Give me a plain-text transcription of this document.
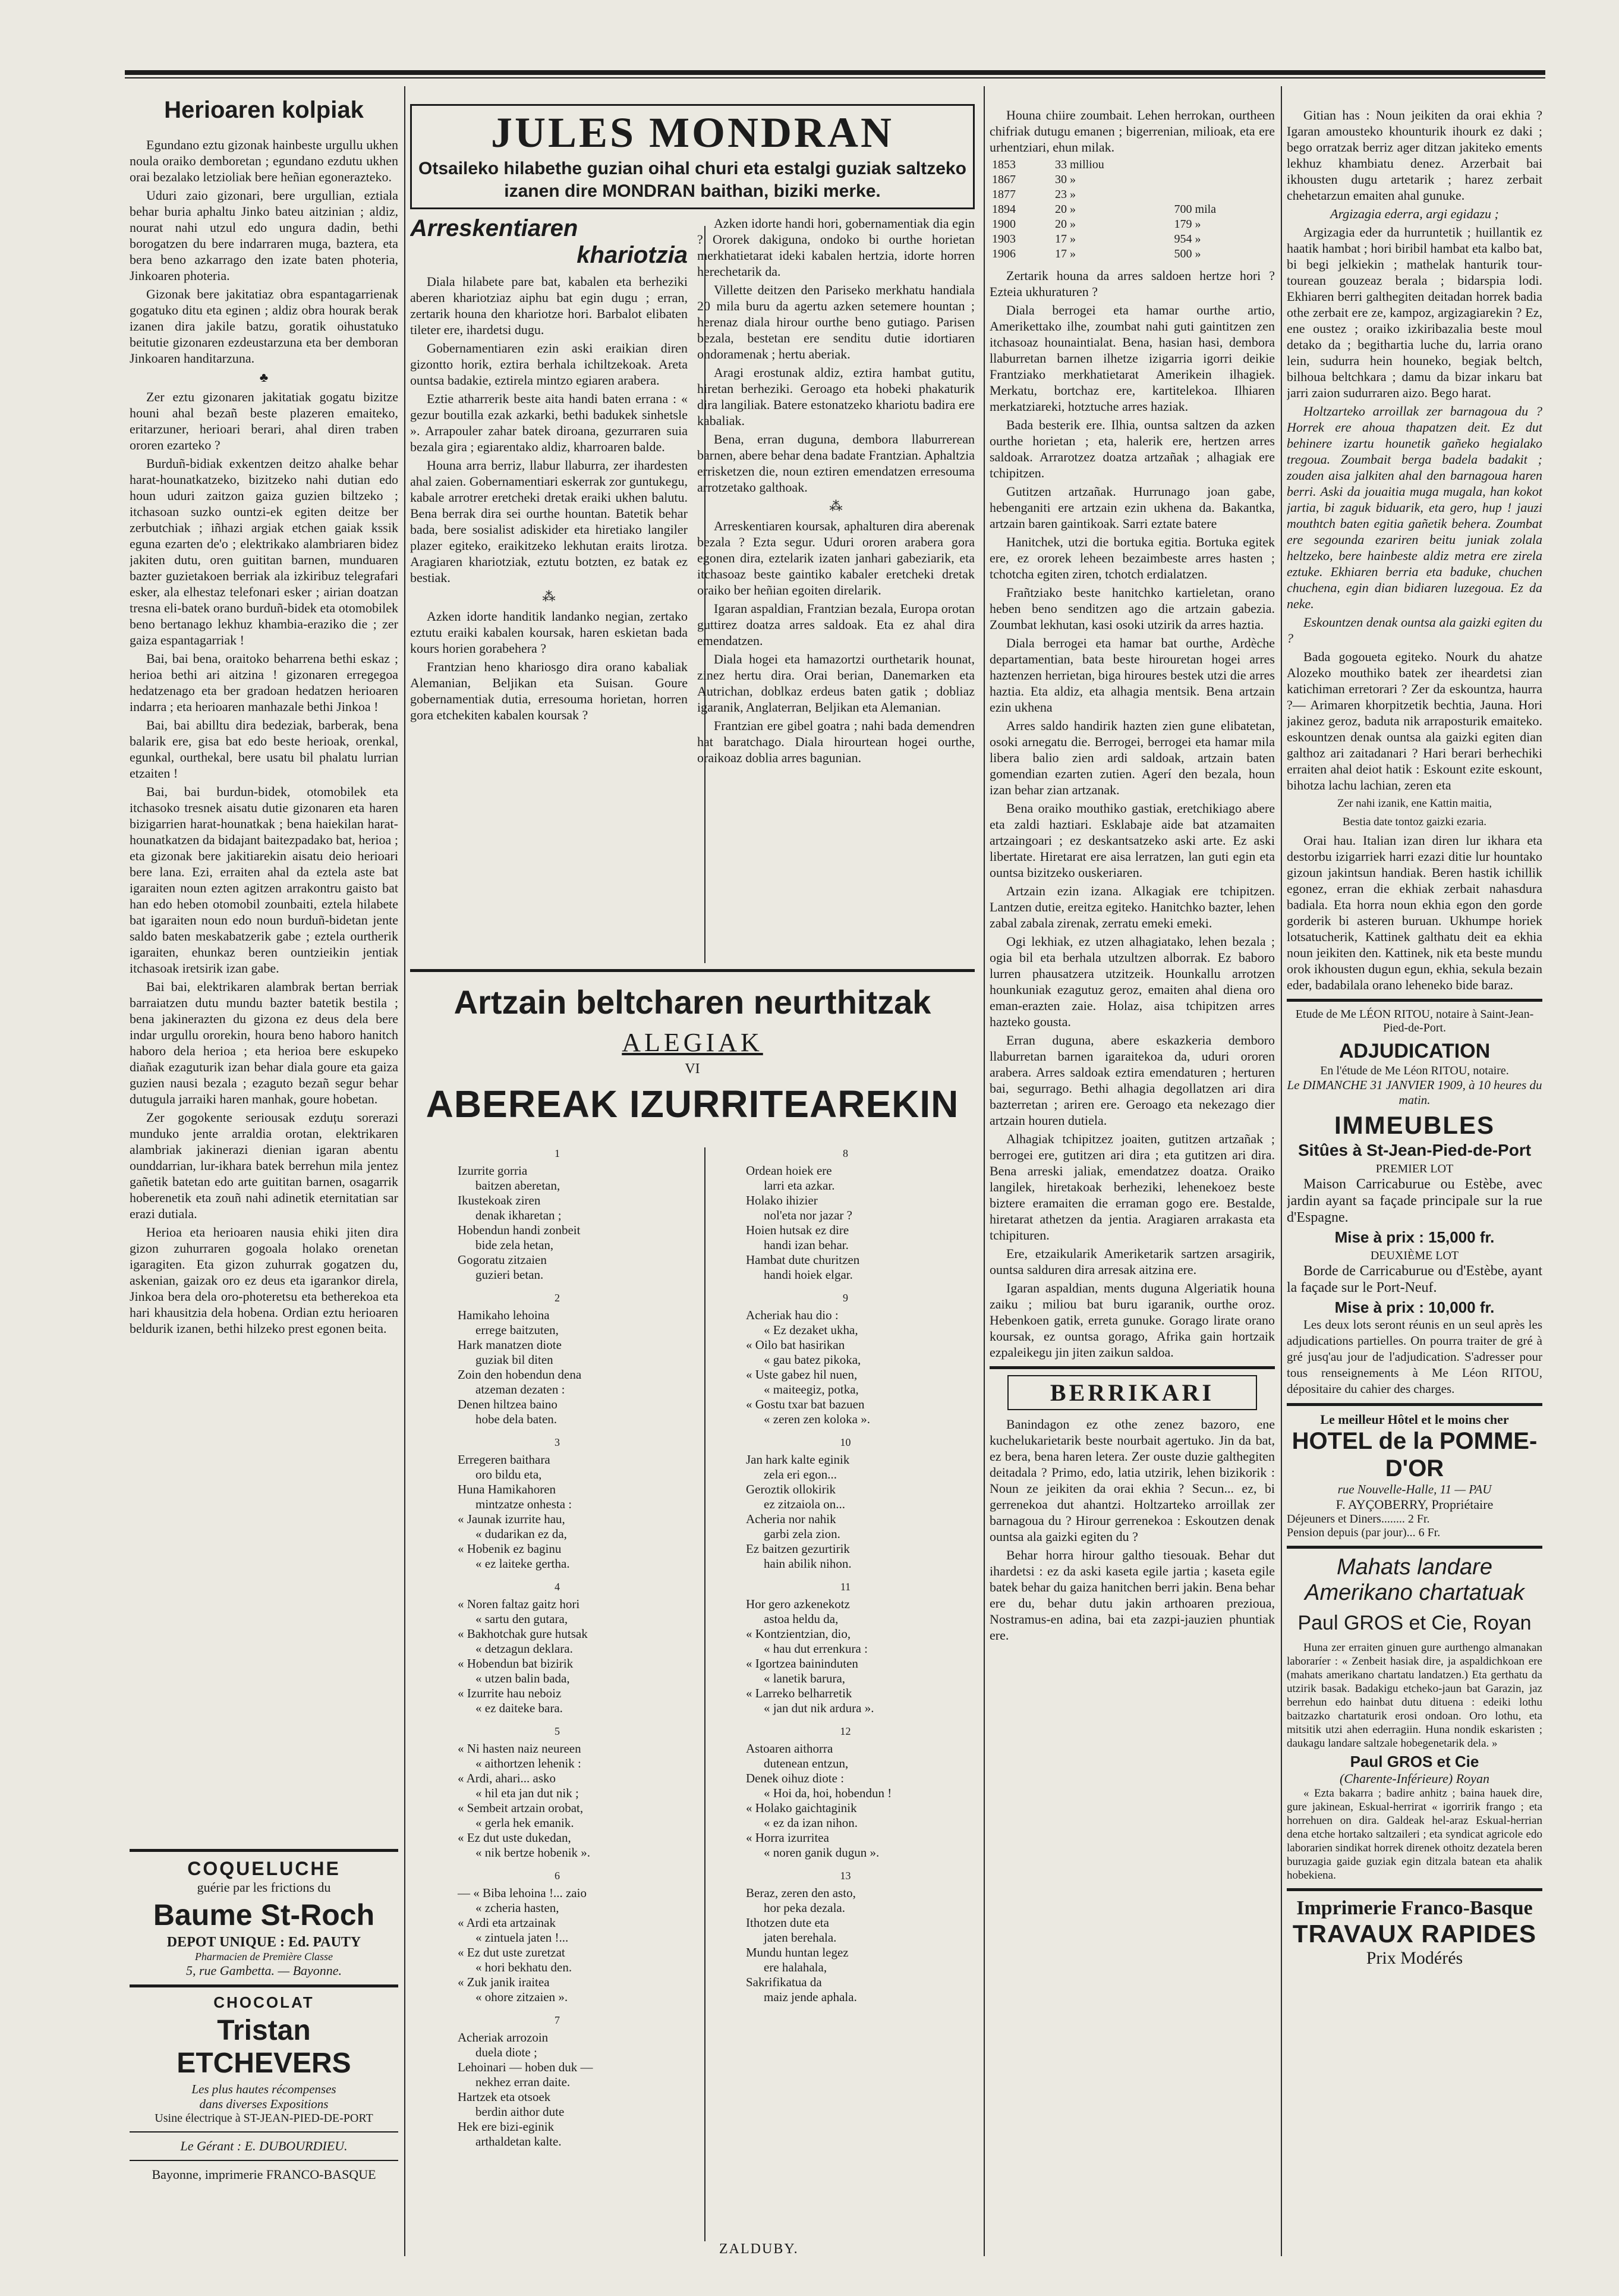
Herioaren kolpiak

Egundano eztu gizonak hainbeste urgullu ukhen noula oraiko demboretan ; egundano ezdutu ukhen orai bezalako letzioliak bere heñian egonerazteko.

Uduri zaio gizonari, bere urgullian, eztiala behar buria aphaltu Jinko bateu aitzinian ; aldiz, nourat nahi utzul edo ungura dadin, bethi borogatzen du bere indarraren muga, baztera, eta bera beno azkarrago den izate baten photeria, Jinkoaren photeria.

Gizonak bere jakitatiaz obra espantagarrienak gogatuko ditu eta eginen ; aldiz obra hourak berak izanen dira jakile batzu, goratik oihustatuko beitutie gizonaren ezdeustarzuna eta ber demboran Jinkoaren handitarzuna.

♣

Zer eztu gizonaren jakitatiak gogatu bizitze houni ahal bezañ beste plazeren emaiteko, eritarzuner, herioari berari, ahal diren traben ororen ezarteko ?

Burduñ-bidiak exkentzen deitzo ahalke behar harat-hounatkatzeko, bizitzeko nahi dutian edo houn uduri zaitzon gaiza guzien biltzeko ; itchasoan suzko ountzi-ek egiten deitze ber zerbutchiak ; iñhazi argiak etchen gaiak kssik eguna ezarten de'o ; elektrikako alambriaren bidez jakiten dutu, oren guititan barnen, munduaren bazter guzietakoen berriak ala izkiribuz telegrafari esker, ala elhestaz telefonari esker ; airian doatzan tresna eli-batek orano burduñ-bidek eta otomobilek beno bertanago lekhuz khambia-eraziko die ; zer gaiza espantagarriak !

Bai, bai bena, oraitoko beharrena bethi eskaz ; herioa bethi ari aitzina ! gizonaren erregegoa hedatzenago eta ber gradoan hedatzen herioaren indarra ; eta herioaren manhazale bethi Jinkoa !

Bai, bai abilltu dira bedeziak, barberak, bena balarik ere, gisa bat edo beste herioak, orenkal, egunkal, ourthekal, bere usatu bil phalatu lurrian etzaiten !

Bai, bai burdun-bidek, otomobilek eta itchasoko tresnek aisatu dutie gizonaren eta haren bizigarrien harat-hounatkak ; bena haiekilan harat-hounatkatzen da bidajant baitezpadako bat, herioa ; eta gizonak bere jakitiarekin aisatu deio herioari bere lana. Ezi, erraiten ahal da eztela aste bat igaraiten noun ezten agitzen arrakontru gaisto bat han edo heben otomobil zounbaiti, eztela hilabete bat igaraiten noun edo noun burduñ-bidetan jente saldo baten meskabatzerik gabe ; eztela ourtherik igaraiten, ehunkaz beren ountzieikin jentiak itchasoak iretsirik izan gabe.

Bai bai, elektrikaren alambrak bertan berriak barraiatzen dutu mundu bazter batetik bestila ; bena jakinerazten du gizona ez deus dela bere indar urgullu ororekin, houra beno haboro hanitch haboro dela herioa ; eta herioa bere eskupeko diañak ezaguturik izan behar diala goure eta gaiza guzien nausi bezala ; ezaguto bezañ segur behar dutugula jarraiki haren manhak, goure hobetan.

Zer gogokente seriousak ezduțu sorerazi munduko jente arraldia orotan, elektrikaren alambriak jakinerazi dienian igaran abentu ounddarrian, lur-ikhara batek berrehun mila jentez gañetik batetan edo arte guititan barnen, osagarrik hoberenetik eta zouñ nahi adinetik eternitatian sar erazi dutiala.

Herioa eta herioaren nausia ehiki jiten dira gizon zuhurraren gogoala holako orenetan igaragiten. Eta gizon zuhurrak gogatzen du, askenian, gaizak oro ez deus eta igarankor direla, Jinkoa bera dela oro-photeretsu eta betherekoa eta hari khausitzia dela hobena. Ordian eztu herioaren beldurik izanen, bethi hilzeko prest egonen beita.

COQUELUCHE
guérie par les frictions du
Baume St-Roch
DEPOT UNIQUE : Ed. PAUTY
Pharmacien de Première Classe
5, rue Gambetta. — Bayonne.
CHOCOLAT
Tristan ETCHEVERS
Les plus hautes récompenses
dans diverses Expositions
Usine électrique à ST-JEAN-PIED-DE-PORT
Le Gérant : E. DUBOURDIEU.
Bayonne, imprimerie FRANCO-BASQUE
JULES MONDRAN
Otsaileko hilabethe guzian oihal churi eta estalgi guziak saltzeko izanen dire MONDRAN baithan, biziki merke.
Arreskentiaren
khariotzia

Diala hilabete pare bat, kabalen eta berheziki aberen khariotziaz aiphu bat egin dugu ; erran, zertarik houna den khariotze hori. Barbalot elibaten tileter ere, ihardetsi dugu.

Gobernamentiaren ezin aski eraikian diren gizontto horik, eztira berhala ichiltzekoak. Areta ountsa badakie, eztirela mintzo egiaren arabera.

Eztie atharrerik beste aita handi baten errana : « gezur boutilla ezak azkarki, bethi badukek sinhetsle ». Arrapouler zahar batek diroana, gezurraren suia bezala gira ; egiarentako aldiz, kharroaren balde.

Houna arra berriz, llabur llaburra, zer ihardesten ahal zaien. Gobernamentiari eskerrak zor guntukegu, kabale arrotrer eretcheki dretak eraiki ukhen balutu. Bena berrak dira sei ourthe hountan. Batetik behar bada, bere sosialist adiskider eta hiretiako langiler plazer egiteko, eraikitzeko lekhutan eraits lirotza. Aragiaren khariotziak, eztutu botzten, ez batak ez bestiak.

⁂

Azken idorte handitik landanko negian, zertako eztutu eraiki kabalen koursak, haren eskietan bada kours horien gorabehera ?

Frantzian heno khariosgo dira orano kabaliak Alemanian, Beljikan eta Suisan. Goure gobernamentiak dutia, erresouma horietan, horren gora etchekiten kabalen koursak ?

Azken idorte handi hori, gobernamentiak dia egin ? Ororek dakiguna, ondoko bi ourthe horietan merkhatietarat ideki kabalen hertzia, idorte horren herechetarik da.

Villette deitzen den Pariseko merkhatu handiala 20 mila buru da agertu azken setemere hountan ; herenaz diala hirour ourthe beno gutiago. Parisen bezala, bestetan ere senditu dutie idortiaren ondoramenak ; hertu aberiak.

Aragi erostunak aldiz, eztira hambat gutitu, hiretan berheziki. Geroago eta hobeki phakaturik dira langiliak. Batere estonatzeko khariotu badira ere kabaliak.

Bena, erran duguna, dembora llaburrerean barnen, abere behar dena badate Frantzian. Aphaltzia errisketzen die, noun eztiren emendatzen erresouma arrotzetako galthoak.

⁂

Arreskentiaren koursak, aphalturen dira aberenak bezala ? Ezta segur. Uduri ororen arabera gora egonen dira, eztelarik izaten janhari gabeziarik, eta itchasoaz beste gaintiko kabaler eretcheki dretak oraiko ber heñian egoiten direlarik.

Igaran aspaldian, Frantzian bezala, Europa orotan guttirez doatza arres saldoak. Eta ez ahal dira emendatzen.

Diala hogei eta hamazortzi ourthetarik hounat, zinez hertu dira. Orai berian, Danemarken eta Autrichan, doblkaz erdeus baten gatik ; dobliaz igaranik, Anglaterran, Beljikan eta Alemanian.

Frantzian ere gibel goatra ; nahi bada demendren hat baratchago. Diala hirourtean hogei ourthe, oraikoaz doblia arres bagunian.

Artzain beltcharen neurthitzak
ALEGIAK
VI
ABEREAK IZURRITEAREKIN
1
Izurrite gorria
baitzen aberetan,
Ikustekoak ziren
denak ikharetan ;
Hobendun handi zonbeit
bide zela hetan,
Gogoratu zitzaien
guzieri betan.
2
Hamikaho lehoina
errege baitzuten,
Hark manatzen diote
guziak bil diten
Zoin den hobendun dena
atzeman dezaten :
Denen hiltzea baino
hobe dela baten.
3
Erregeren baithara
oro bildu eta,
Huna Hamikahoren
mintzatze onhesta :
« Jaunak izurrite hau,
« dudarikan ez da,
« Hobenik ez baginu
« ez laiteke gertha.
4
« Noren faltaz gaitz hori
« sartu den gutara,
« Bakhotchak gure hutsak
« detzagun deklara.
« Hobendun bat bizirik
« utzen balin bada,
« Izurrite hau neboiz
« ez daiteke bara.
5
« Ni hasten naiz neureen
« aithortzen lehenik :
« Ardi, ahari... asko
« hil eta jan dut nik ;
« Sembeit artzain orobat,
« gerla hek emanik.
« Ez dut uste dukedan,
« nik bertze hobenik ».
6
— « Biba lehoina !... zaio
« zcheria hasten,
« Ardi eta artzainak
« zintuela jaten !...
« Ez dut uste zuretzat
« hori bekhatu den.
« Zuk janik iraitea
« ohore zitzaien ».
7
Acheriak arrozoin
duela diote ;
Lehoinari — hoben duk —
nekhez erran daite.
Hartzek eta otsoek
berdin aithor dute
Hek ere bizi-eginik
arthaldetan kalte.
8
Ordean hoiek ere
larri eta azkar.
Holako ihizier
nol'eta nor jazar ?
Hoien hutsak ez dire
handi izan behar.
Hambat dute churitzen
handi hoiek elgar.
9
Acheriak hau dio :
« Ez dezaket ukha,
« Oilo bat hasirikan
« gau batez pikoka,
« Uste gabez hil nuen,
« maiteegiz, potka,
« Gostu txar bat bazuen
« zeren zen koloka ».
10
Jan hark kalte eginik
zela eri egon...
Geroztik ollokirik
ez zitzaiola on...
Acheria nor nahik
garbi zela zion.
Ez baitzen gezurtirik
hain abilik nihon.
11
Hor gero azkenekotz
astoa heldu da,
« Kontzientzian, dio,
« hau dut errenkura :
« Igortzea baininduten
« lanetik barura,
« Larreko belharretik
« jan dut nik ardura ».
12
Astoaren aithorra
dutenean entzun,
Denek oihuz diote :
« Hoi da, hoi, hobendun !
« Holako gaichtaginik
« ez da izan nihon.
« Horra izurritea
« noren ganik dugun ».
13
Beraz, zeren den asto,
hor peka dezala.
Ithotzen dute eta
jaten berehala.
Mundu huntan legez
ere halahala,
Sakrifikatua da
maiz jende aphala.
ZALDUBY.

Houna chiire zoumbait. Lehen herrokan, ourtheen chifriak dutugu emanen ; bigerrenian, milioak, eta ere urhentziari, ehun milak.

1853	33 milliou	
1867	30 »	
1877	23 »	
1894	20 »	700 mila
1900	20 »	179 »
1903	17 »	954 »
1906	17 »	500 »

Zertarik houna da arres saldoen hertze hori ? Ezteia ukhuraturen ?

Diala berrogei eta hamar ourthe artio, Amerikettako ilhe, zoumbat nahi guti gaintitzen zen itchasoaz hounaintialat. Bena, hasian hasi, dembora llaburretan barnen ilhetze izigarria igorri deikie Frantziako merkhatietarat Amerikein ilhagiek. Merkatu, bortchaz ere, kartitelekoa. Ilhiaren merkatziareki, hotztuche arres haziak.

Bada besterik ere. Ilhia, ountsa saltzen da azken ourthe horietan ; eta, halerik ere, hertzen arres saldoak. Arrarotzez doatza artzañak ; alhagiak ere tchipitzen.

Gutitzen artzañak. Hurrunago joan gabe, hebenganiti ere artzain ezin ukhena da. Bakantka, artzain baren gaintikoak. Sarri eztate batere

Hanitchek, utzi die bortuka egitia. Bortuka egitek ere, ez ororek leheen bezaimbeste arres hasten ; tchotcha egiten ziren, tchotch erdialatzen.

Frañtziako beste hanitchko kartieletan, orano heben beno senditzen ago die artzain gabezia. Zoumbat lekhutan, kasi osoki utzirik da arres haztia.

Diala berrogei eta hamar bat ourthe, Ardèche departamentian, bata beste hirouretan hogei arres haztenzen herrietan, biga hiroures bestek utzi die arres haztia. Eta aldiz, eta alhagia mentsik. Bena artzain ezin ukhena

Arres saldo handirik hazten zien gune elibatetan, osoki arnegatu die. Berrogei, berrogei eta hamar mila libera balio zien ardi saldoak, artzain baten gomendian ezarten zutien. Agerí den bezala, houn izan behar zian artzanak.

Bena oraiko mouthiko gastiak, eretchikiago abere eta zaldi haztiari. Esklabaje aide bat atzamaiten artzaingoari ; ez deskantsatzeko aski arte. Ez aski libertate. Hiretarat ere aisa lerratzen, lan guti egin eta ountsa bizitzeko ouskeriaren.

Artzain ezin izana. Alkagiak ere tchipitzen. Lantzen dutie, ereitza egiteko. Hanitchko bazter, lehen zabal zabala zirenak, zerratu emeki emeki.

Ogi lekhiak, ez utzen alhagiatako, lehen bezala ; ogia bil eta berhala utzultzen alborrak. Ez baboro lurren phausatzera utzitzeik. Hounkallu arrotzen hounkuniak ezagutuz geroz, emaiten ahal diena oro eman-erazten zaie. Holaz, aisa tchipitzen arres hazteko gousta.

Erran duguna, abere eskazkeria demboro llaburretan barnen igaraitekoa da, uduri ororen arabera. Arres saldoak eztira emendaturen ; herturen bai, segurrago. Bethi alhagia degollatzen ari dira bazterretan ; ariren ere. Geroago eta nekezago dier artzain houren dutiela.

Alhagiak tchipitzez joaiten, gutitzen artzañak ; berrogei ere, gutitzen ari dira ; eta gutitzen ari dira. Bena arreski jaliak, emendatzez doatza. Oraiko langilek, hiretakoak berheziki, lehenekoez beste biztere eramaiten die erraman gogo ere. Bestalde, hiretarat athetzen da jentia. Aragiaren arrakasta eta tchipituren.

Ere, etzaikularik Ameriketarik sartzen arsagirik, ountsa salduren dira arresak aitzina ere.

Igaran aspaldian, ments duguna Algeriatik houna zaiku ; miliou bat buru igaranik, ourthe oroz. Hebenkoen gatik, erreta gunuke. Gorago lirate orano koursak, ez ountsa gorago, Afrika gain hortzaik ezpaleikegu jin jiten zaikun saldoa.

BERRIKARI

Banindagon ez othe zenez bazoro, ene kuchelukarietarik beste nourbait agertuko. Jin da bat, ez bera, bena haren letera. Zer ouste duzie galthegiten deitadala ? Primo, edo, latia utzirik, lehen bizikorik : Noun ze jeikiten da orai ekhia ? Secun... ez, bi gerrenekoa dut ahantzi. Holtzarteko arroillak zer barnagoua du ? Hirour gerrenekoa : Eskoutzen denak ountsa ala gaizki egiten du ?

Behar horra hirour galtho tiesouak. Behar dut ihardetsi : ez da aski kaseta egile jartia ; kaseta egile batek behar du gaiza hanitchen berri jakin. Bena behar ere du, behar dutu jakin arthoaren prezioua, Nostramus-en adina, bai eta zazpi-jauzien phuntiak ere.

Gitian has : Noun jeikiten da orai ekhia ? Igaran amousteko khounturik ihourk ez daki ; bego orratzak berriz ager ditzan jakiteko ements lekhuz khambiatu denez. Arzerbait bai ikhousten dugu artetarik ; harez zerbait chehetarzun emaiten ahal gunuke.

Argizagia ederra, argi egidazu ;

Argizagia eder da hurruntetik ; huillantik ez haatik hambat ; hori biribil hambat eta kalbo bat, bi begi jelkiekin ; mathelak hanturik tour-tourean gouzeaz berala ; bidarspia lodi. Ekhiaren berri galthegiten deitadan horrek badia othe zerbait ere ze, kampoz, argizagiarekin ? Ez, ene oustez ; oraiko izkiribazalia beste moul detako da ; begithartia luche du, larria orano lein, sudurra hein houneko, begiak beltch, bilhoua beltchkara ; damu da bizar inkaru bat jarri zaion sudurraren aizo. Bego harat.

Holtzarteko arroillak zer barnagoua du ? Horrek ere ahoua thapatzen deit. Ez dut behinere izartu hounetik gañeko hegialako tregoua. Zoumbait berga badela badakit ; zouden aisa jalkiten ahal den barnagoua haren berri. Aski da jouaitia muga mugala, han kokot jartia, bi zaguk biduarik, eta gero, hup ! jauzi mouthtch baten egitia gañetik behera. Zoumbat ere segounda ezariren beitu juniak zolala heltzeko, bere hainbeste aldiz metra ere zirela eztuke. Ekhiaren berria eta baduke, chuchen chuchena, egin dian bidiaren luzegoua. Ez da neke.

Eskountzen denak ountsa ala gaizki egiten du ?

Bada gogoueta egiteko. Nourk du ahatze Alozeko mouthiko batek zer iheardetsi zian katichiman erretorari ? Zer da eskountza, haurra ?— Arimaren khorpitzetik bechtia, Jauna. Hori jakinez geroz, baduta nik arraposturik emaiteko. eskountzen denak ountsa ala gaizki egiten dian galthoz ari zaitadanari ? Hari berari berhechiki erraiten ahal deiot hatik : Eskount ezite eskount, bihotza lachu lachian, zeren eta

Zer nahi izanik, ene Kattin maitia,

Bestia date tontoz gaizki ezaria.

Orai hau. Italian izan diren lur ikhara eta destorbu izigarriek harri ezazi ditie lur hountako gizoun jakintsun handiak. Beren hastik ichillik egonez, erran die ekhiak zerbait nahasdura badiala. Eta horra noun ekhia egon den gorde gorderik bi asteren buruan. Ukhumpe horiek lotsatucherik, Kattinek galthatu deit ea ekhia noun jeikiten den. Kattinek, nik eta beste mundu orok ikhousten dugun egun, ekhia, sekula bezain eder, badabilala orano leheneko bide baraz.

Etude de Me LÉON RITOU, notaire à Saint-Jean-Pied-de-Port.
ADJUDICATION
En l'étude de Me Léon RITOU, notaire.
Le DIMANCHE 31 JANVIER 1909, à 10 heures du matin.
IMMEUBLES
Sitûes à St-Jean-Pied-de-Port
PREMIER LOT

Maison Carricaburue ou Estèbe, avec jardin ayant sa façade principale sur la rue d'Espagne.

Mise à prix : 15,000 fr.
DEUXIÈME LOT

Borde de Carricaburue ou d'Estèbe, ayant la façade sur le Port-Neuf.

Mise à prix : 10,000 fr.

Les deux lots seront réunis en un seul après les adjudications partielles. On pourra traiter de gré à gré jusq'au jour de l'adjudication. S'adresser pour tous renseignements à Me Léon RITOU, dépositaire du cahier des charges.

Le meilleur Hôtel et le moins cher
HOTEL de la POMME-D'OR
rue Nouvelle-Halle, 11 — PAU
F. AYÇOBERRY, Propriétaire
Déjeuners et Diners........ 2 Fr.
Pension depuis (par jour)... 6 Fr.
Mahats landare
Amerikano chartatuak
Paul GROS et Cie, Royan

Huna zer erraiten ginuen gure aurthengo almanakan laboraríer : « Zenbeit hasiak dire, ja aspaldichkoan ere (mahats amerikano chartatu landatzen.) Eta gerthatu da utzirik basak. Badakigu etcheko-jaun bat Garazin, jaz berrehun edo hainbat dutu dituena : edeiki lothu baitzazko chartaturik erosi ondoan. Oro lothu, eta mitsitik utzi ahen ederragiin. Huna nondik eskaristen ; daukagu landare saltzale hobegenetarik dela. »

Paul GROS et Cie
(Charente-Inférieure) Royan

« Ezta bakarra ; badire anhitz ; baina hauek dire, gure jakinean, Eskual-herrirat « igorririk frango ; eta horrehuen on dira. Galdeak hel-araz Eskual-herrian dena etche hortako saltzaileri ; eta syndicat agricole edo laborarien sindikat horrek direnek othoitz dezatela beren buruzagia gaide guziak egin ditzala batean eta ahalik hobekiena.

Imprimerie Franco-Basque
TRAVAUX RAPIDES
Prix Modérés
